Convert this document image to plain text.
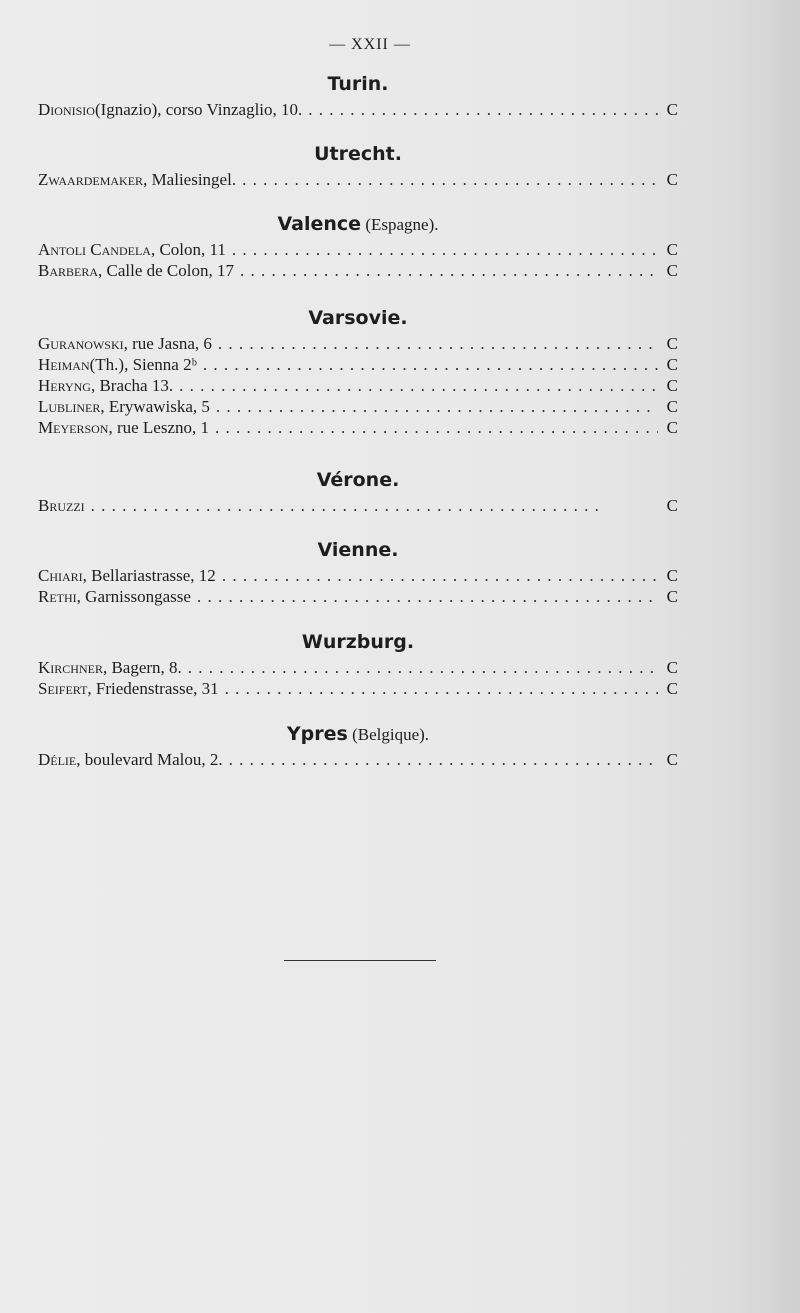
— XXII —
Turin.
Dionisio (Ignazio), corso Vinzaglio, 10. . . .	C
Utrecht.
Zwaardemaker , Maliesingel. . . .	C
Valence (Espagne).
Antoli Candela , Colon, 11 . . .	C
Barbera , Calle de Colon, 17 . . .	C
Varsovie.
Guranowski , rue Jasna, 6 . . .	C
Heiman (Th.), Sienna 2ᵇ . . .	C
Heryng , Bracha 13. . . .	C
Lubliner , Erywawiska, 5 . . .	C
Meyerson , rue Leszno, 1 . . .	C
Vérone.
Bruzzi . . .	C
Vienne.
Chiari , Bellariastrasse, 12 . . .	C
Rethi , Garnissongasse . . .	C
Wurzburg.
Kirchner , Bagern, 8. . . .	C
Seifert , Friedenstrasse, 31 . . .	C
Ypres (Belgique).
Délie , boulevard Malou, 2. . . .	C
